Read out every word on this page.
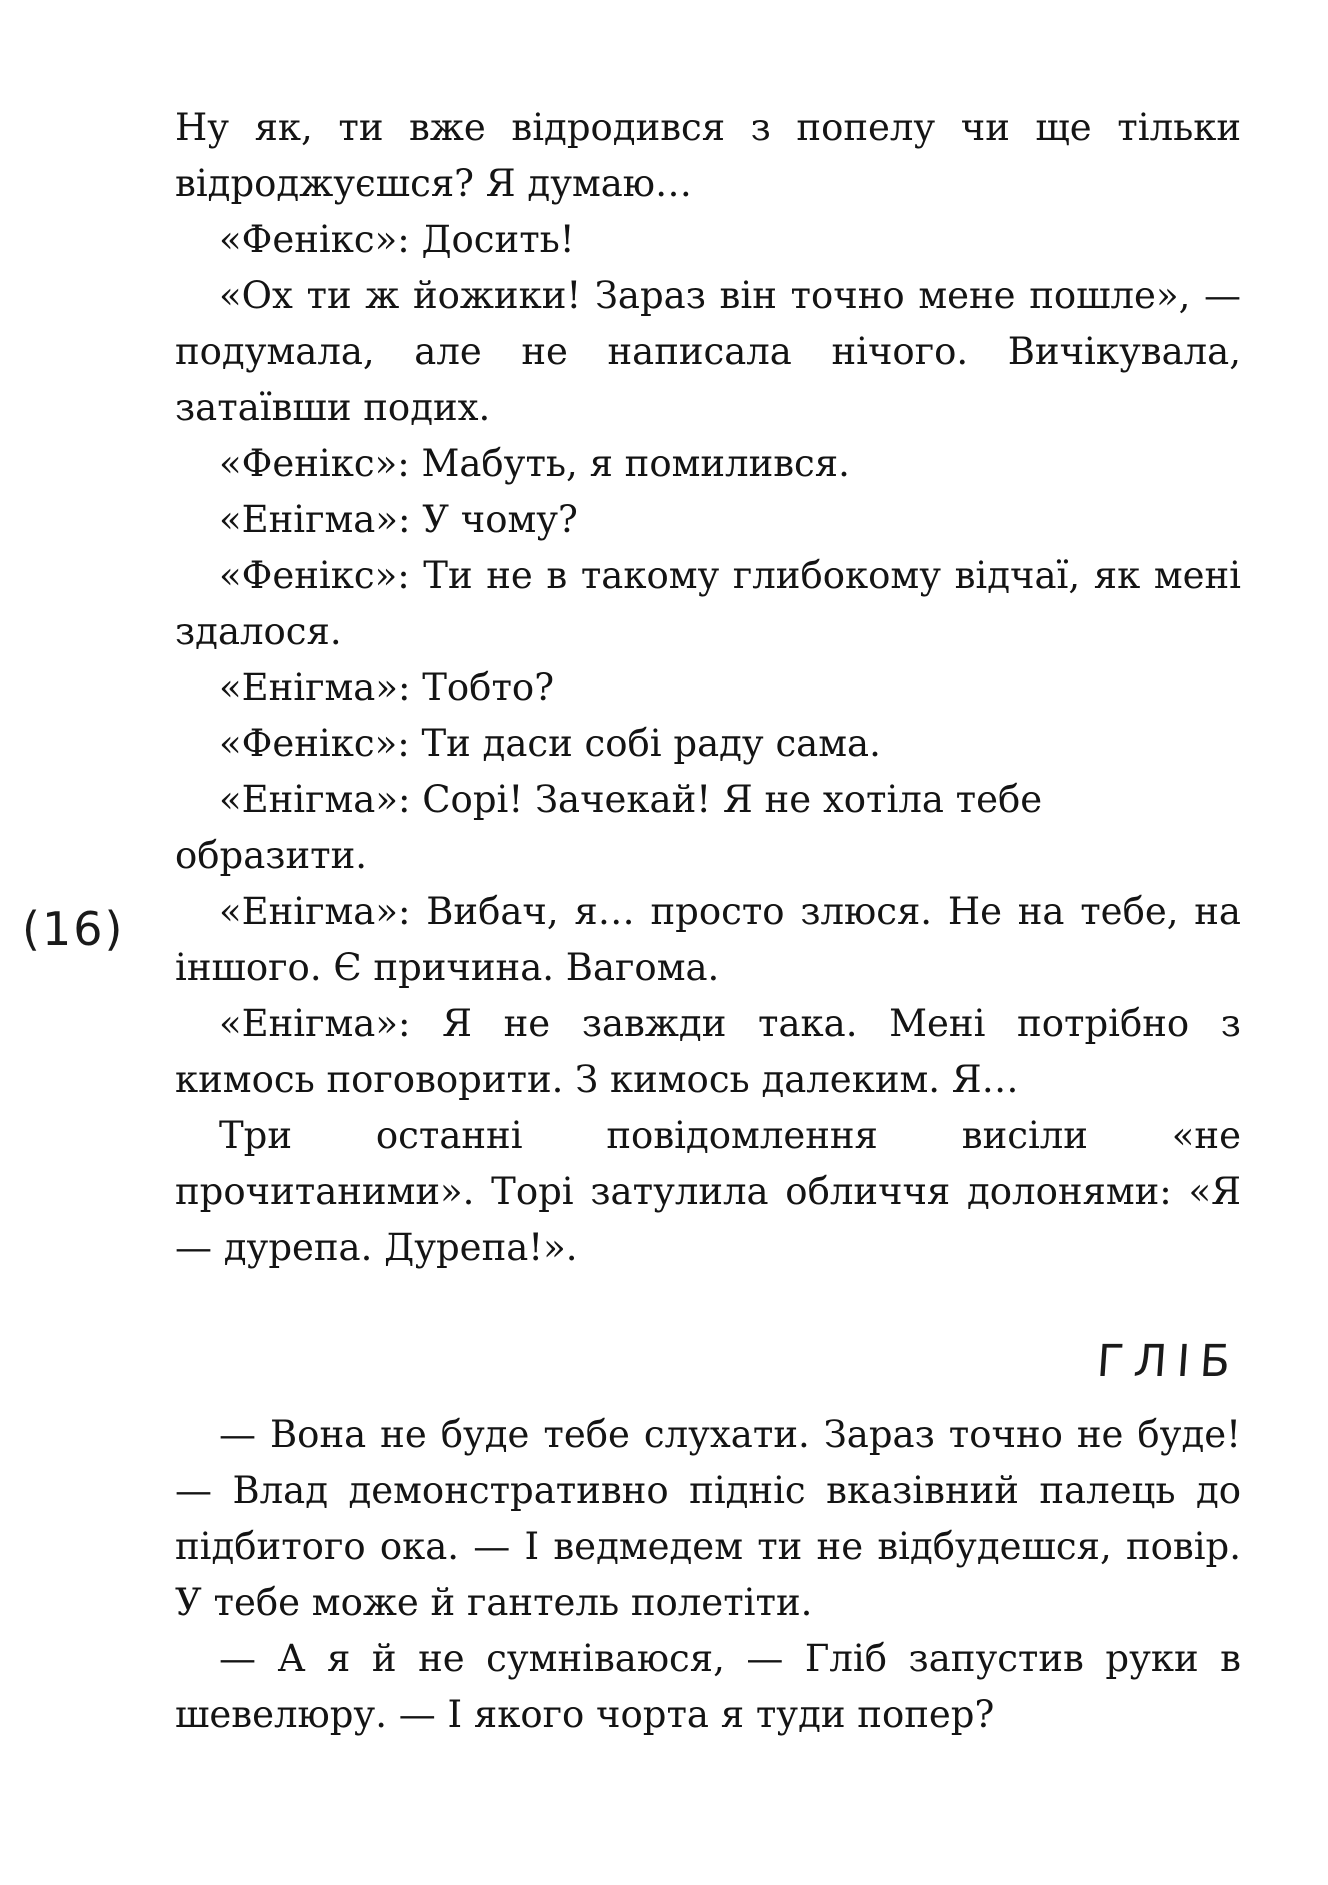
Ну як, ти вже відродився з попелу чи ще тільки відроджуєшся? Я думаю…

«Фенікс»: Досить!

«Ох ти ж йожики! Зараз він точно мене пошле», — подумала, але не написала нічого. Вичікувала, затаївши подих.

«Фенікс»: Мабуть, я помилився.

«Енігма»: У чому?

«Фенікс»: Ти не в такому глибокому відчаї, як мені здалося.

«Енігма»: Тобто?

«Фенікс»: Ти даси собі раду сама.

«Енігма»: Сорі! Зачекай! Я не хотіла тебе образити.

«Енігма»: Вибач, я… просто злюся. Не на тебе, на іншого. Є причина. Вагома.

«Енігма»: Я не завжди така. Мені потрібно з кимось поговорити. З кимось далеким. Я…

Три останні повідомлення висіли «не прочитаними». Торі затулила обличчя долонями: «Я — дурепа. Дурепа!».

(16)
ГЛІБ

— Вона не буде тебе слухати. Зараз точно не буде! — Влад демонстративно підніс вказівний палець до підбитого ока. — І ведмедем ти не відбудешся, повір. У тебе може й гантель полетіти.

— А я й не сумніваюся, — Гліб запустив руки в шевелюру. — І якого чорта я туди попер?
